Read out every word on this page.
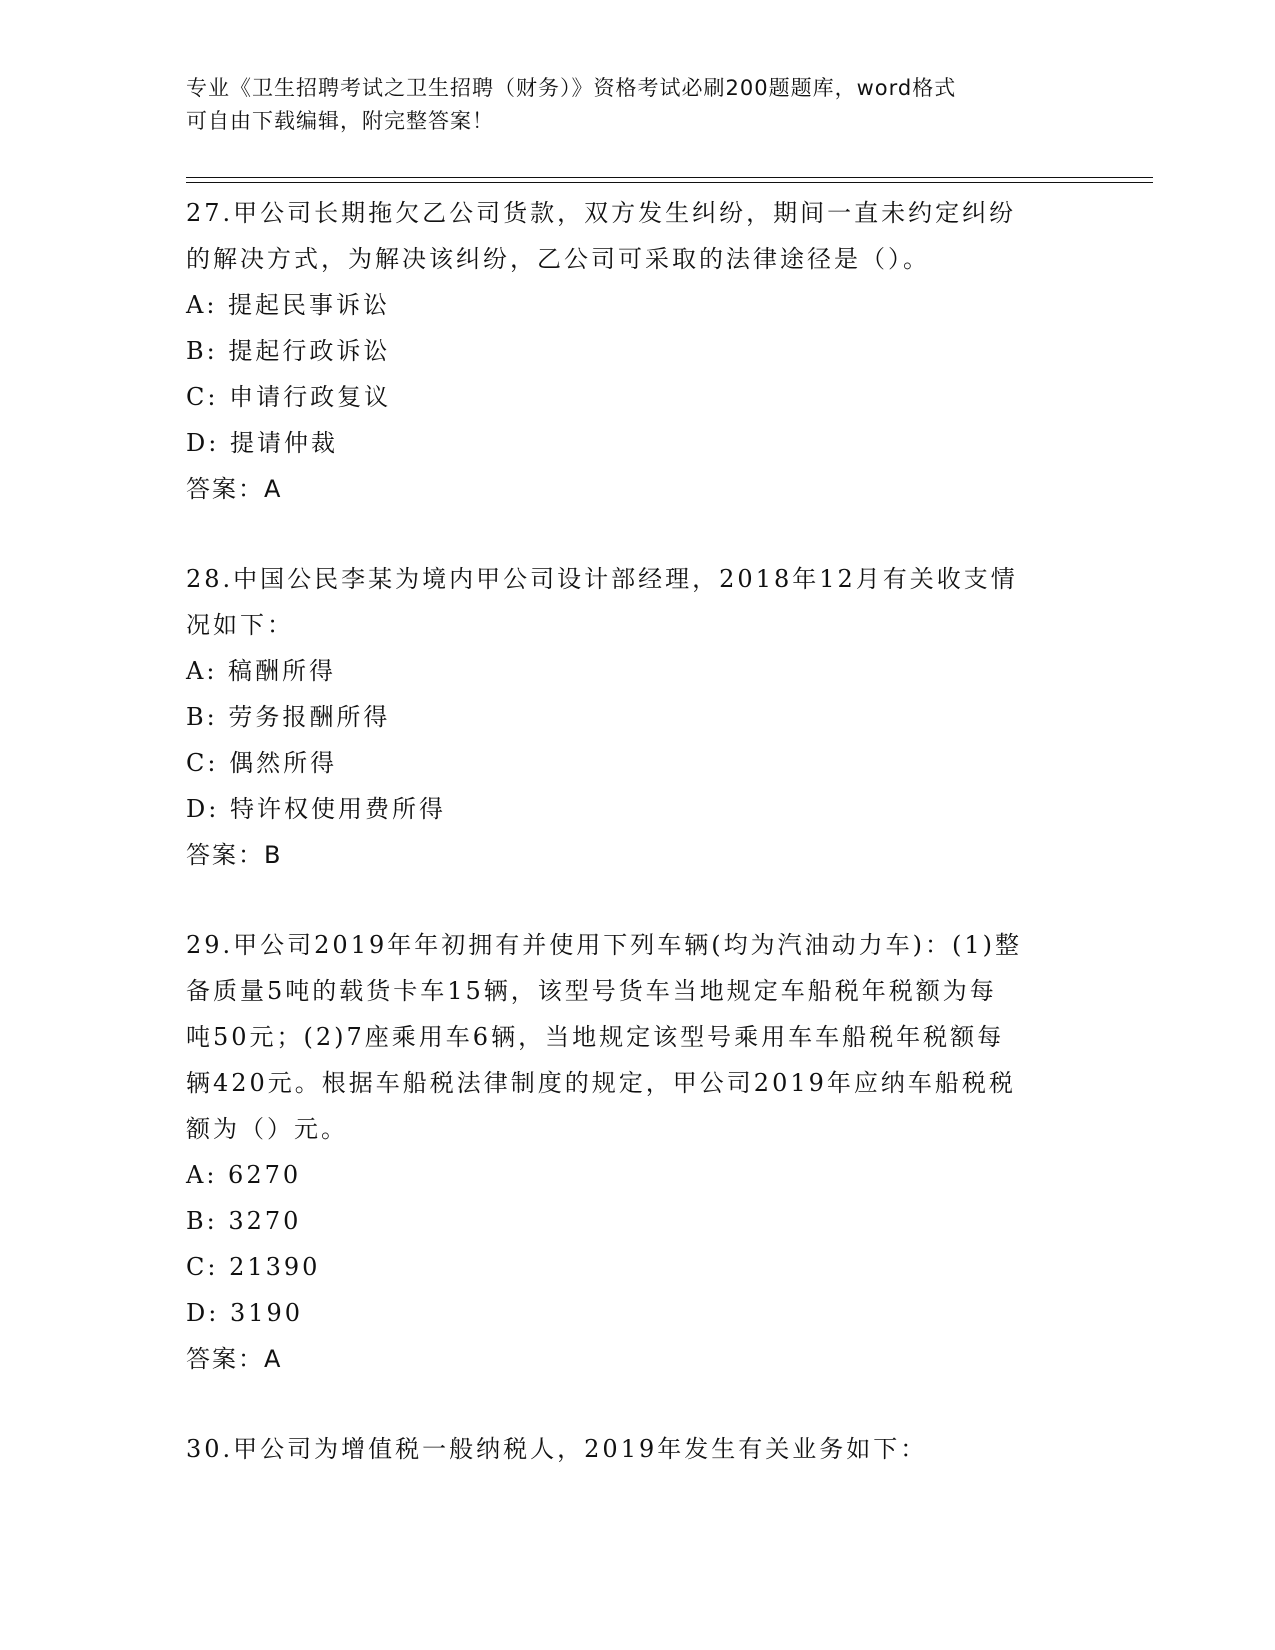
专业《卫生招聘考试之卫生招聘（财务）》资格考试必刷200题题库，word格式
可自由下载编辑，附完整答案！
27.甲公司长期拖欠乙公司货款，双方发生纠纷，期间一直未约定纠纷
的解决方式，为解决该纠纷，乙公司可采取的法律途径是（）。
A: 提起民事诉讼
B: 提起行政诉讼
C: 申请行政复议
D: 提请仲裁
答案：A
28.中国公民李某为境内甲公司设计部经理，2018年12月有关收支情
况如下：
A: 稿酬所得
B: 劳务报酬所得
C: 偶然所得
D: 特许权使用费所得
答案：B
29.甲公司2019年年初拥有并使用下列车辆(均为汽油动力车)：(1)整
备质量5吨的载货卡车15辆，该型号货车当地规定车船税年税额为每
吨50元；(2)7座乘用车6辆，当地规定该型号乘用车车船税年税额每
辆420元。根据车船税法律制度的规定，甲公司2019年应纳车船税税
额为（）元。
A: 6270
B: 3270
C: 21390
D: 3190
答案：A
30.甲公司为增值税一般纳税人，2019年发生有关业务如下：
